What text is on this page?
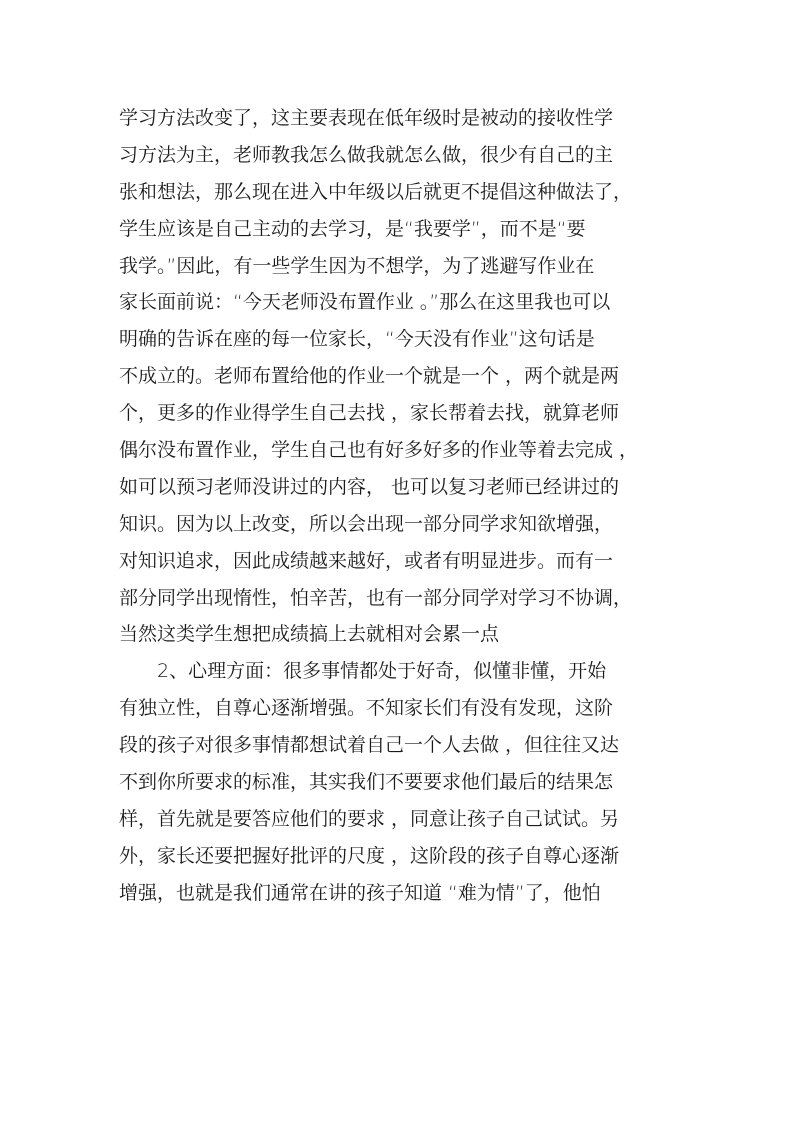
学习方法改变了，这主要表现在低年级时是被动的接收性学
习方法为主，老师教我怎么做我就怎么做，很少有自己的主
张和想法，那么现在进入中年级以后就更不提倡这种做法了，
学生应该是自己主动的去学习，是“我要学”，而不是“要
我学。”因此，有一些学生因为不想学，为了逃避写作业在
家长面前说：“今天老师没布置作业 。”那么在这里我也可以
明确的告诉在座的每一位家长，“今天没有作业”这句话是
不成立的。老师布置给他的作业一个就是一个 ，两个就是两
个，更多的作业得学生自己去找 ，家长帮着去找，就算老师
偶尔没布置作业，学生自己也有好多好多的作业等着去完成 ，
如可以预习老师没讲过的内容， 也可以复习老师已经讲过的
知识。因为以上改变，所以会出现一部分同学求知欲增强，
对知识追求，因此成绩越来越好，或者有明显进步。而有一
部分同学出现惰性，怕辛苦，也有一部分同学对学习不协调，
当然这类学生想把成绩搞上去就相对会累一点
2、心理方面：很多事情都处于好奇，似懂非懂，开始
有独立性，自尊心逐渐增强。不知家长们有没有发现，这阶
段的孩子对很多事情都想试着自己一个人去做 ，但往往又达
不到你所要求的标准，其实我们不要要求他们最后的结果怎
样，首先就是要答应他们的要求 ，同意让孩子自己试试。另
外，家长还要把握好批评的尺度 ，这阶段的孩子自尊心逐渐
增强，也就是我们通常在讲的孩子知道 “难为情”了，他怕
